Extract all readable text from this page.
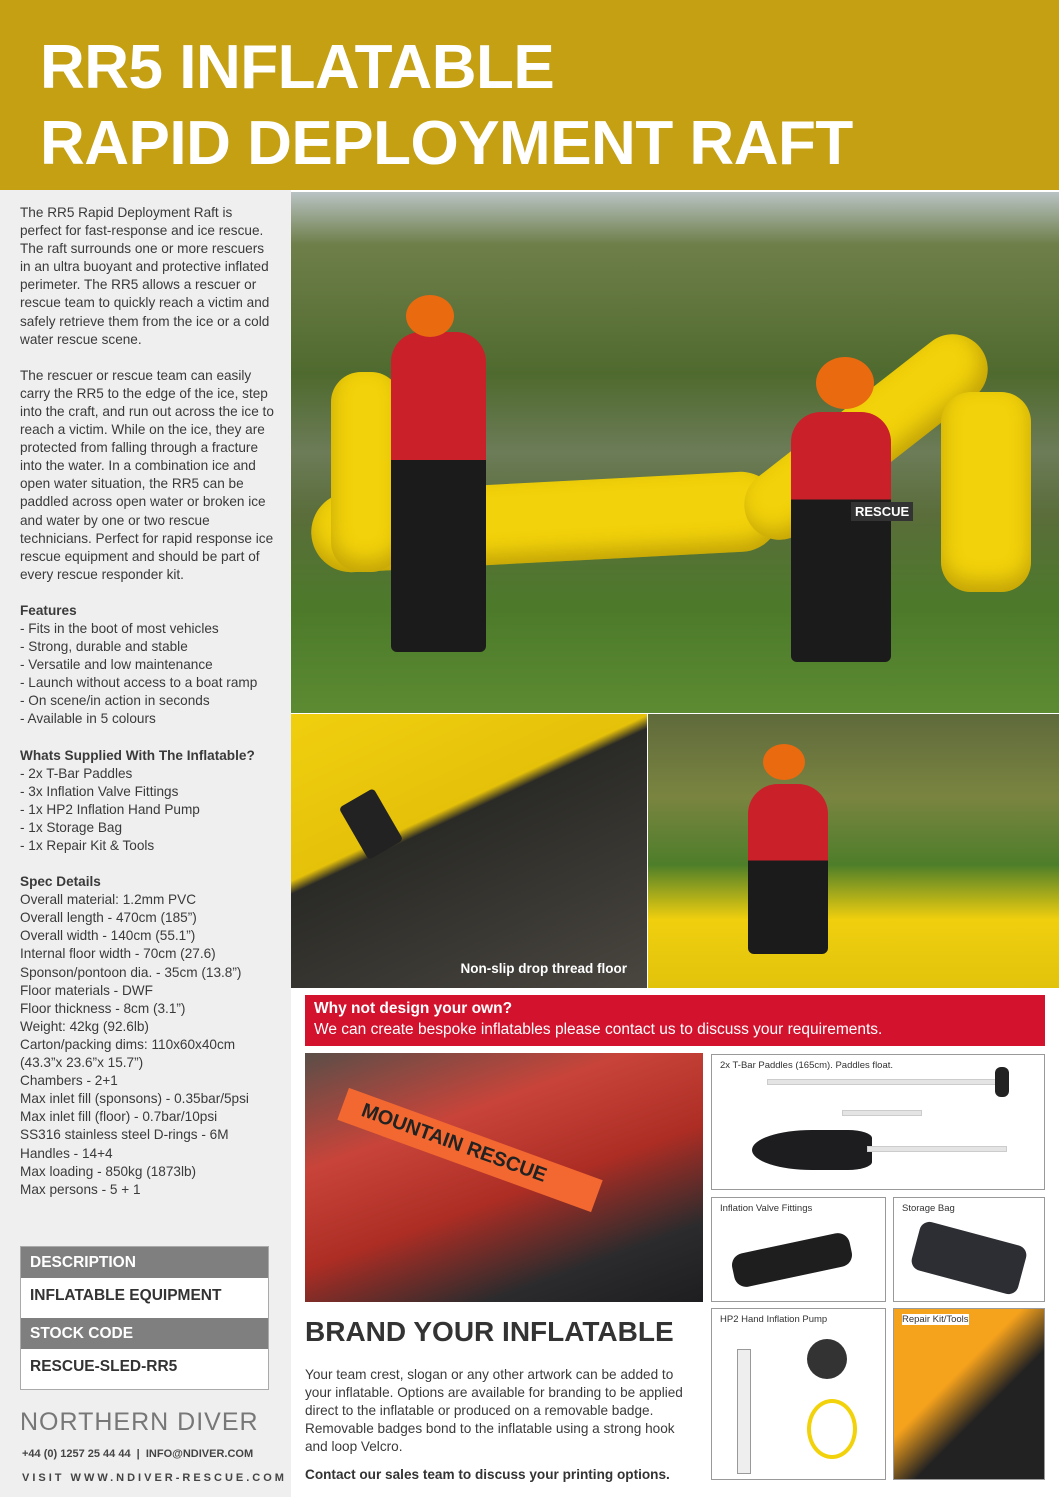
RR5 INFLATABLE
RAPID DEPLOYMENT RAFT

The RR5 Rapid Deployment Raft is perfect for fast-response and ice rescue. The raft surrounds one or more rescuers in an ultra buoyant and protective inflated perimeter. The RR5 allows a rescuer or rescue team to quickly reach a victim and safely retrieve them from the ice or a cold water rescue scene.

The rescuer or rescue team can easily carry the RR5 to the edge of the ice, step into the craft, and run out across the ice to reach a victim. While on the ice, they are protected from falling through a fracture into the water. In a combination ice and open water situation, the RR5 can be paddled across open water or broken ice and water by one or two rescue technicians. Perfect for rapid response ice rescue equipment and should be part of every rescue responder kit.

Features
- Fits in the boot of most vehicles
- Strong, durable and stable
- Versatile and low maintenance
- Launch without access to a boat ramp
- On scene/in action in seconds
- Available in 5 colours
Whats Supplied With The Inflatable?
- 2x T-Bar Paddles
- 3x Inflation Valve Fittings
- 1x HP2 Inflation Hand Pump
- 1x Storage Bag
- 1x Repair Kit & Tools
Spec Details
Overall material: 1.2mm PVC
Overall length - 470cm (185”)
Overall width - 140cm (55.1”)
Internal floor width - 70cm (27.6)
Sponson/pontoon dia. - 35cm (13.8”)
Floor materials - DWF
Floor thickness - 8cm (3.1”)
Weight: 42kg (92.6lb)
Carton/packing dims: 110x60x40cm
(43.3”x 23.6”x 15.7”)
Chambers - 2+1
Max inlet fill (sponsons) - 0.35bar/5psi
Max inlet fill (floor) - 0.7bar/10psi
SS316 stainless steel D-rings - 6M
Handles - 14+4
Max loading - 850kg (1873lb)
Max persons - 5 + 1
DESCRIPTION
INFLATABLE EQUIPMENT
STOCK CODE
RESCUE-SLED-RR5
NORTHERN DIVER
+44 (0) 1257 25 44 44  |  INFO@NDIVER.COM
VISIT WWW.NDIVER-RESCUE.COM
RESCUE
Non-slip drop thread floor
Why not design your own?
We can create bespoke inflatables please contact us to discuss your requirements.
MOUNTAIN RESCUE
BRAND YOUR INFLATABLE
Your team crest, slogan or any other artwork can be added to your inflatable. Options are available for branding to be applied direct to the inflatable or produced on a removable badge. Removable badges bond to the inflatable using a strong hook and loop Velcro.
Contact our sales team to discuss your printing options.
2x T-Bar Paddles (165cm). Paddles float.
Inflation Valve Fittings	Storage Bag
HP2 Hand Inflation Pump	Repair Kit/Tools
